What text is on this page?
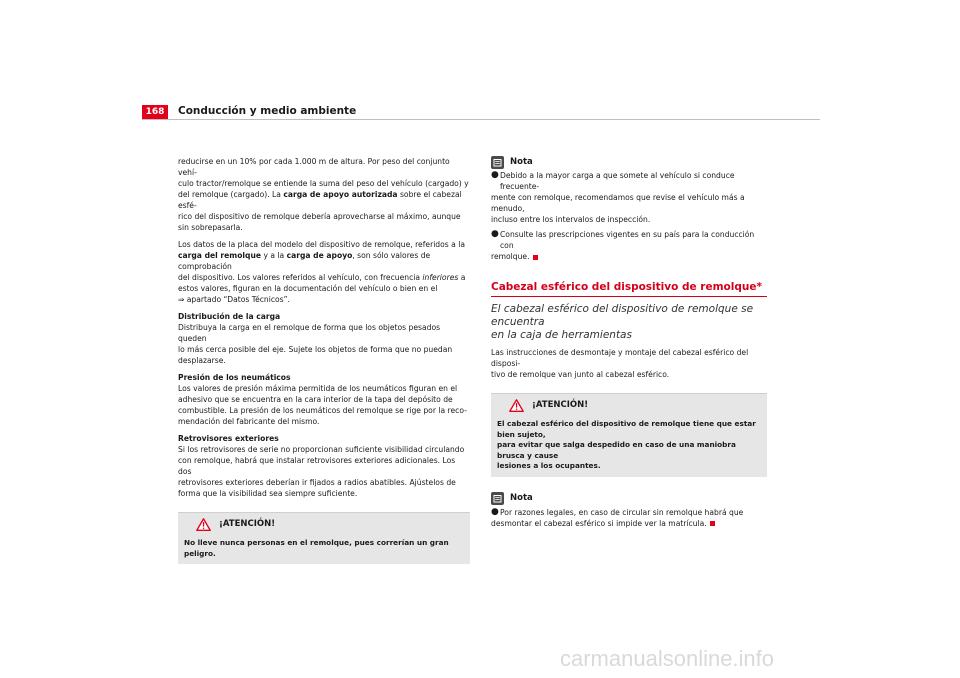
168	Conducción y medio ambiente

reducirse en un 10% por cada 1.000 m de altura. Por peso del conjunto vehí-

culo tractor/remolque se entiende la suma del peso del vehículo (cargado) y

del remolque (cargado). La carga de apoyo autorizada sobre el cabezal esfé-

rico del dispositivo de remolque debería aprovecharse al máximo, aunque

sin sobrepasarla.

Los datos de la placa del modelo del dispositivo de remolque, referidos a la

carga del remolque y a la carga de apoyo, son sólo valores de comprobación

del dispositivo. Los valores referidos al vehículo, con frecuencia inferiores a

estos valores, figuran en la documentación del vehículo o bien en el

⇒ apartado “Datos Técnicos”.

Distribución de la carga

Distribuya la carga en el remolque de forma que los objetos pesados queden

lo más cerca posible del eje. Sujete los objetos de forma que no puedan

desplazarse.

Presión de los neumáticos

Los valores de presión máxima permitida de los neumáticos figuran en el

adhesivo que se encuentra en la cara interior de la tapa del depósito de

combustible. La presión de los neumáticos del remolque se rige por la reco-

mendación del fabricante del mismo.

Retrovisores exteriores

Si los retrovisores de serie no proporcionan suficiente visibilidad circulando

con remolque, habrá que instalar retrovisores exteriores adicionales. Los dos

retrovisores exteriores deberían ir fijados a radios abatibles. Ajústelos de

forma que la visibilidad sea siempre suficiente.

¡ATENCIÓN!
No lleve nunca personas en el remolque, pues correrían un gran peligro.
Nota
● Debido a la mayor carga a que somete al vehículo si conduce frecuente-

mente con remolque, recomendamos que revise el vehículo más a menudo,

incluso entre los intervalos de inspección.

● Consulte las prescripciones vigentes en su país para la conducción con

remolque.

Cabezal esférico del dispositivo de remolque*
El cabezal esférico del dispositivo de remolque se encuentra
en la caja de herramientas

Las instrucciones de desmontaje y montaje del cabezal esférico del disposi-

tivo de remolque van junto al cabezal esférico.

¡ATENCIÓN!
El cabezal esférico del dispositivo de remolque tiene que estar bien sujeto,
para evitar que salga despedido en caso de una maniobra brusca y cause
lesiones a los ocupantes.
Nota
● Por razones legales, en caso de circular sin remolque habrá que

desmontar el cabezal esférico si impide ver la matrícula.

carmanualsonline.info
